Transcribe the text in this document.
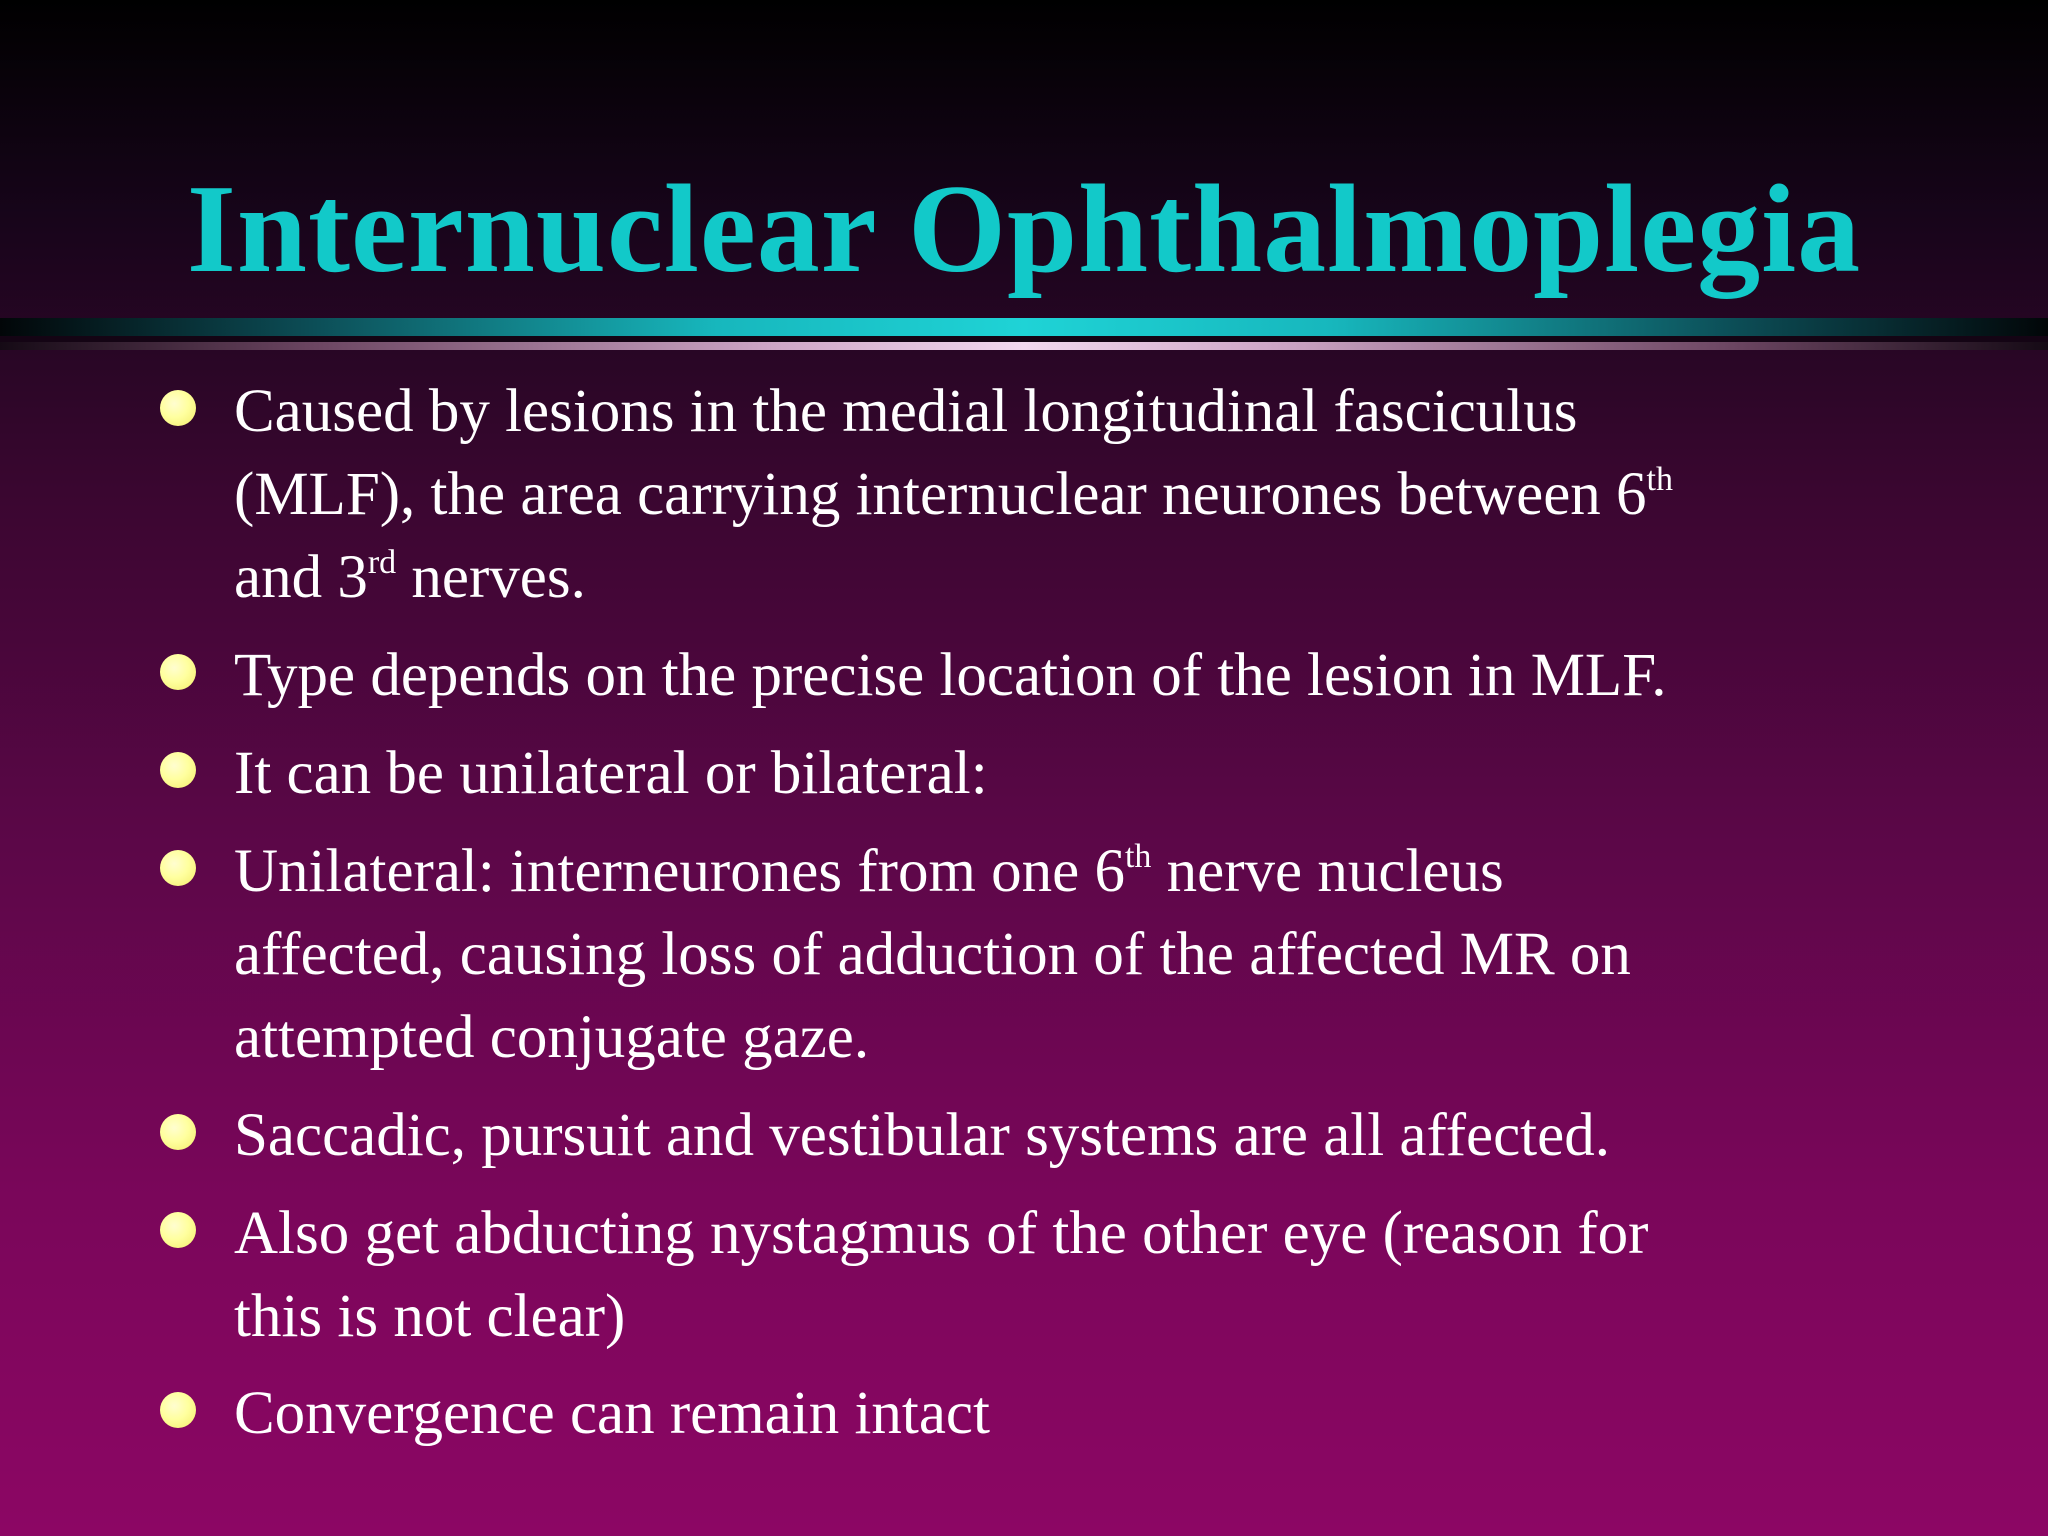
Internuclear Ophthalmoplegia
Caused by lesions in the medial longitudinal fasciculus
(MLF), the area carrying internuclear neurones between 6th
and 3rd nerves.
Type depends on the precise location of the lesion in MLF.
It can be unilateral or bilateral:
Unilateral: interneurones from one 6th nerve nucleus
affected, causing loss of adduction of the affected MR on
attempted conjugate gaze.
Saccadic, pursuit and vestibular systems are all affected.
Also get abducting nystagmus of the other eye (reason for
this is not clear)
Convergence can remain intact
